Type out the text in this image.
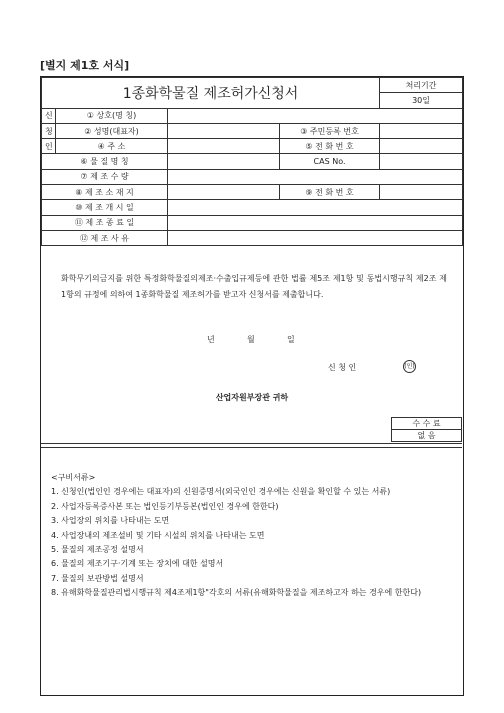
[별지 제1호 서식]
1종화학물질 제조허가신청서				처리기간
				30일
신	① 상호(명 칭)			
청	② 성명(대표자)		③ 주민등록 번호	
인	④ 주 소		⑤ 전 화 번 호	
⑥ 물 질 명 칭			CAS No.	
⑦ 제 조 수 량				
⑧ 제 조 소 재 지			⑨ 전 화 번 호	
⑩ 제 조 개 시 일				
⑪ 제 조 종 료 일				
⑫ 제 조 사 유				
화학무기의금지를 위한 특정화학물질의제조·수출입규제등에 관한 법률 제5조 제1항 및 동법시행규칙 제2조 제1항의 규정에 의하여 1종화학물질 제조허가를 받고자 신청서를 제출합니다.
년	월	일
신 청 인	(인)
산업자원부장관 귀하
수 수 료
없 음
<구비서류>
1. 신청인(법인인 경우에는 대표자)의 신원증명서(외국인인 경우에는 신원을 확인할 수 있는 서류)
2. 사업자등록증사본 또는 법인등기부등본(법인인 경우에 한한다)
3. 사업장의 위치를 나타내는 도면
4. 사업장내의 제조설비 및 기타 시설의 위치를 나타내는 도면
5. 물질의 제조공정 설명서
6. 물질의 제조기구·기계 또는 장치에 대한 설명서
7. 물질의 보관방법 설명서
8. 유해화학물질관리법시행규칙 제4조제1항"각호의 서류(유해화학물질을 제조하고자 하는 경우에 한한다)
